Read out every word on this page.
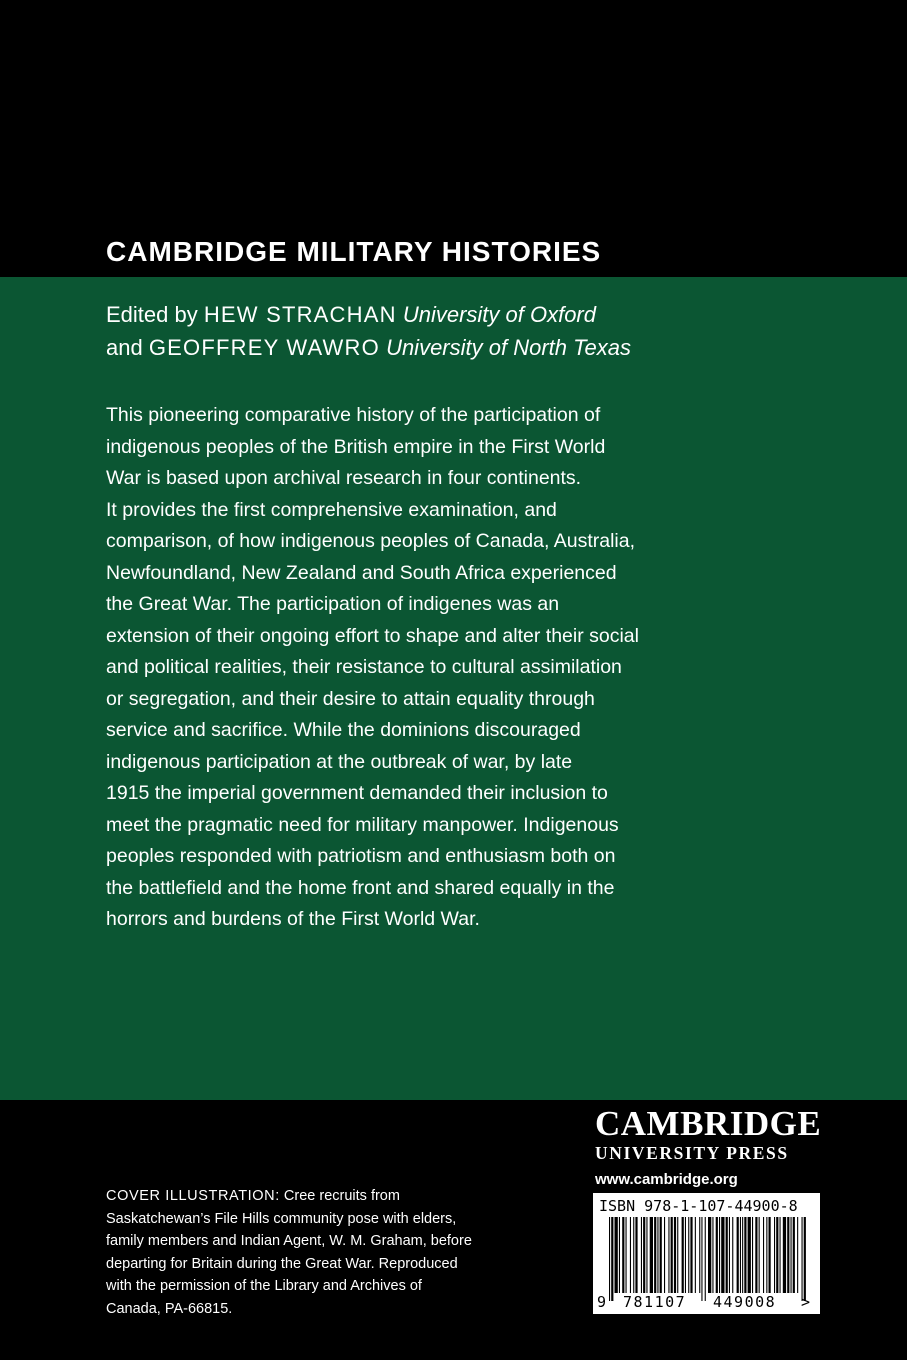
CAMBRIDGE MILITARY HISTORIES
Edited by HEW STRACHAN University of Oxford
and GEOFFREY WAWRO University of North Texas
This pioneering comparative history of the participation of
indigenous peoples of the British empire in the First World
War is based upon archival research in four continents.
It provides the first comprehensive examination, and
comparison, of how indigenous peoples of Canada, Australia,
Newfoundland, New Zealand and South Africa experienced
the Great War. The participation of indigenes was an
extension of their ongoing effort to shape and alter their social
and political realities, their resistance to cultural assimilation
or segregation, and their desire to attain equality through
service and sacrifice. While the dominions discouraged
indigenous participation at the outbreak of war, by late
1915 the imperial government demanded their inclusion to
meet the pragmatic need for military manpower. Indigenous
peoples responded with patriotism and enthusiasm both on
the battlefield and the home front and shared equally in the
horrors and burdens of the First World War.
CAMBRIDGE
UNIVERSITY PRESS
www.cambridge.org
ISBN 978-1-107-44900-8
9 781107 449008 >
COVER ILLUSTRATION: Cree recruits from
Saskatchewan’s File Hills community pose with elders,
family members and Indian Agent, W. M. Graham, before
departing for Britain during the Great War. Reproduced
with the permission of the Library and Archives of
Canada, PA-66815.
